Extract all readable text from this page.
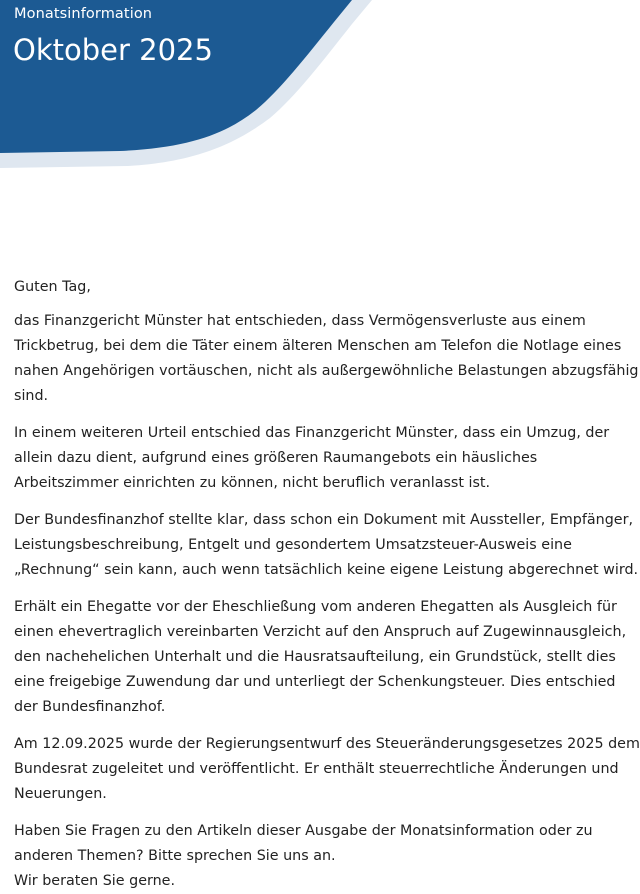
Monatsinformation
Oktober 2025

Guten Tag,

das Finanzgericht Münster hat entschieden, dass Vermögensverluste aus einem Trickbetrug, bei dem die Täter einem älteren Menschen am Telefon die Notlage eines nahen Angehörigen vortäuschen, nicht als außergewöhnliche Belastungen abzugsfähig sind.

In einem weiteren Urteil entschied das Finanzgericht Münster, dass ein Umzug, der allein dazu dient, aufgrund eines größeren Raumangebots ein häusliches Arbeitszimmer einrichten zu können, nicht beruflich veranlasst ist.

Der Bundesfinanzhof stellte klar, dass schon ein Dokument mit Aussteller, Empfänger, Leistungsbeschreibung, Entgelt und gesondertem Umsatzsteuer-Ausweis eine „Rechnung“ sein kann, auch wenn tatsächlich keine eigene Leistung abgerechnet wird.

Erhält ein Ehegatte vor der Eheschließung vom anderen Ehegatten als Ausgleich für einen ehevertraglich vereinbarten Verzicht auf den Anspruch auf Zugewinnausgleich, den nachehelichen Unterhalt und die Hausratsaufteilung, ein Grundstück, stellt dies eine freigebige Zuwendung dar und unterliegt der Schenkungsteuer. Dies entschied der Bundesfinanzhof.

Am 12.09.2025 wurde der Regierungsentwurf des Steueränderungsgesetzes 2025 dem Bundesrat zugeleitet und veröffentlicht. Er enthält steuerrechtliche Änderungen und Neuerungen.

Haben Sie Fragen zu den Artikeln dieser Ausgabe der Monatsinformation oder zu anderen Themen? Bitte sprechen Sie uns an.
Wir beraten Sie gerne.
